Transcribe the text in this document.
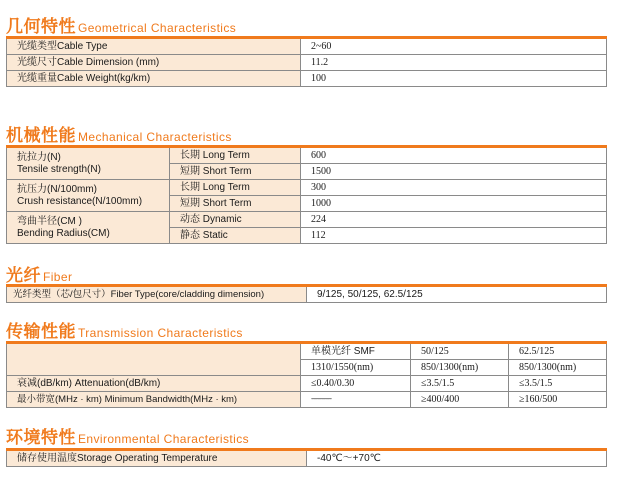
几何特性 Geometrical Characteristics
光缆类型Cable Type	2~60
光缆尺寸Cable Dimension (mm)	11.2
光缆重量Cable Weight(kg/km)	100
机械性能 Mechanical Characteristics
抗拉力(N)
Tensile strength(N)	长期 Long Term	600
	短期 Short Term	1500

抗压力(N/100mm)
Crush resistance(N/100mm)	长期 Long Term	300
	短期 Short Term	1000

弯曲半径(CM )
Bending Radius(CM)	动态 Dynamic	224
	静态 Static	112
光纤 Fiber
光纤类型（芯/包尺寸）Fiber Type(core/cladding dimension)	9/125, 50/125, 62.5/125
传输性能 Transmission Characteristics
	单模光纤 SMF	50/125	62.5/125
	1310/1550(nm)	850/1300(nm)	850/1300(nm)
衰减(dB/km) Attenuation(dB/km)	≤0.40/0.30	≤3.5/1.5	≤3.5/1.5
最小带宽(MHz · km) Minimum Bandwidth(MHz · km)	---------------	≥400/400	≥160/500
环境特性 Environmental Characteristics
储存使用温度Storage Operating Temperature	-40℃～+70℃
